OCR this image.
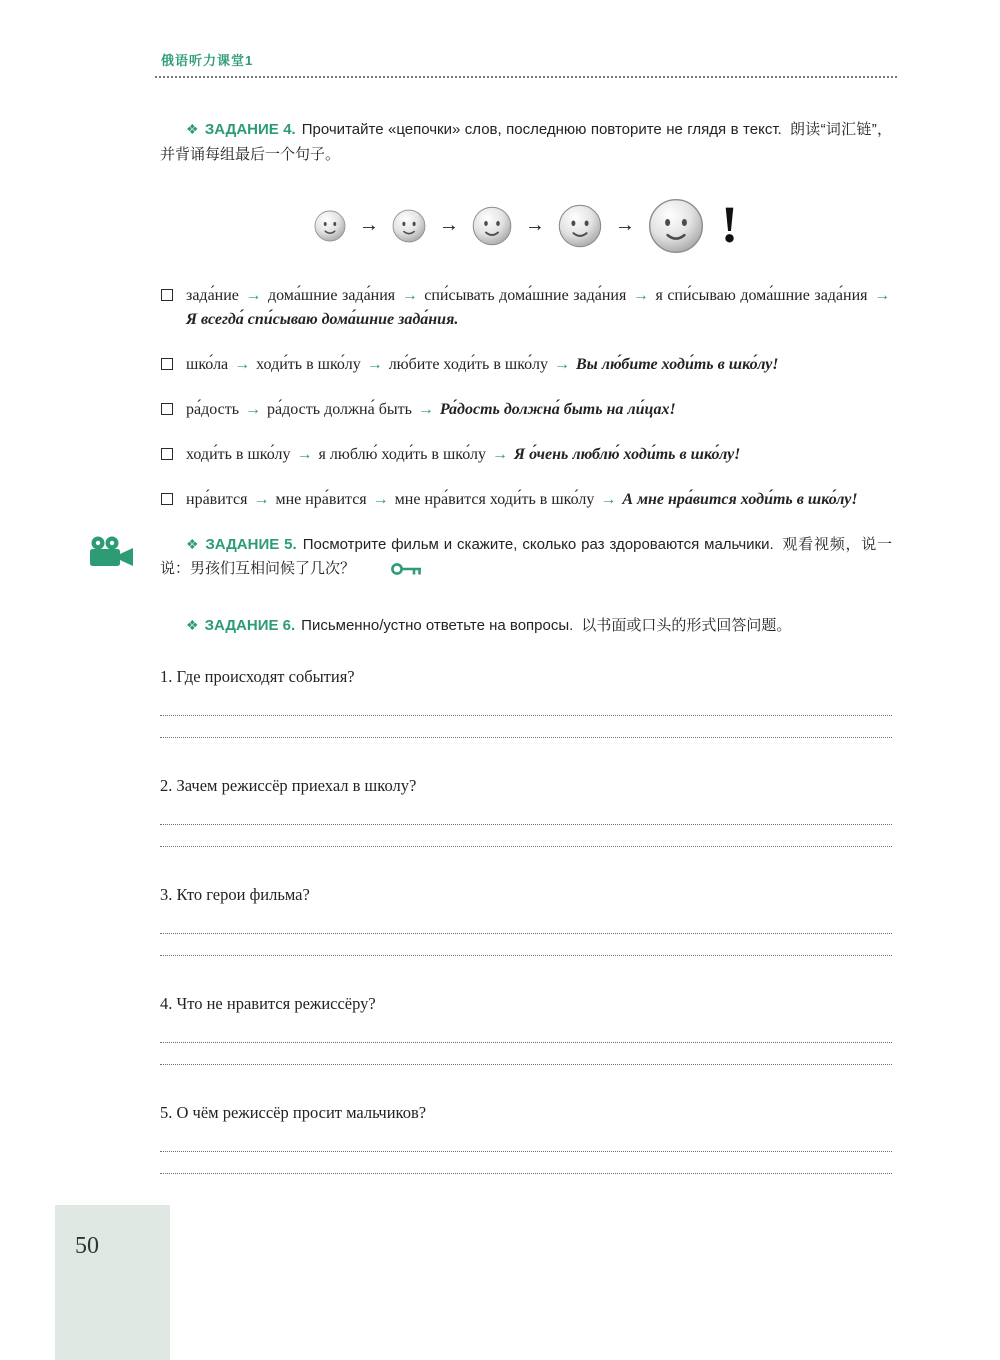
俄语听力课堂1

❖ ЗАДАНИЕ 4. Прочитайте «цепочки» слов, последнюю повторите не глядя в текст. 朗读“词汇链”，并背诵每组最后一个句子。

→	→	→	→ !
зада́ние → дома́шние зада́ния → спи́сывать дома́шние зада́ния → я спи́сываю дома́шние зада́ния → Я всегда́ спи́сываю дома́шние зада́ния.
шко́ла → ходи́ть в шко́лу → лю́бите ходи́ть в шко́лу → Вы лю́бите ходи́ть в шко́лу!
ра́дость → ра́дость должна́ быть → Ра́дость должна́ быть на ли́цах!
ходи́ть в шко́лу → я люблю́ ходи́ть в шко́лу → Я о́чень люблю́ ходи́ть в шко́лу!
нра́вится → мне нра́вится → мне нра́вится ходи́ть в шко́лу → А мне нра́вится ходи́ть в шко́лу!

❖ ЗАДАНИЕ 5. Посмотрите фильм и скажите, сколько раз здороваются мальчики. 观看视频，说一说：男孩们互相问候了几次？

❖ ЗАДАНИЕ 6. Письменно/устно ответьте на вопросы. 以书面或口头的形式回答问题。

1. Где происходят события?

2. Зачем режиссёр приехал в школу?

3. Кто герои фильма?

4. Что не нравится режиссёру?

5. О чём режиссёр просит мальчиков?

50
